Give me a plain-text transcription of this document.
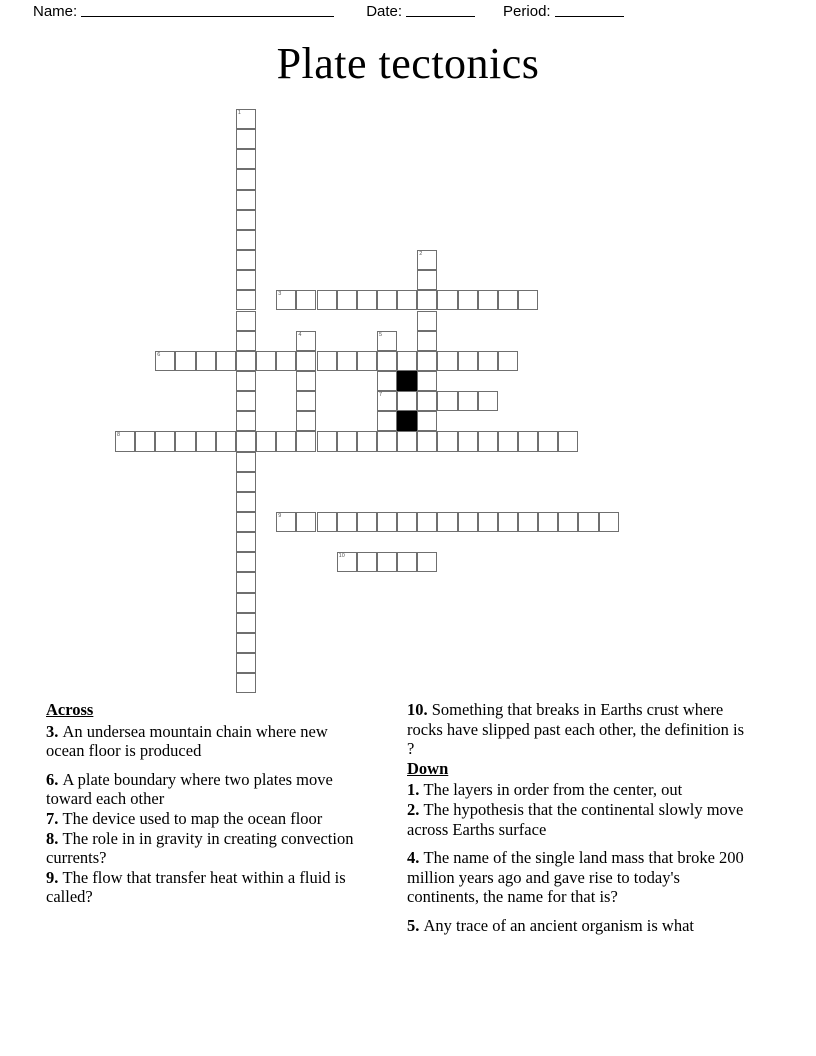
Name:	Date:	Period:
Plate tectonics
1
2
3
4	5
6
7
8
9
10
Across

3. An undersea mountain chain where new ocean floor is produced

6. A plate boundary where two plates move toward each other

7. The device used to map the ocean floor

8. The role in in gravity in creating convection currents?

9. The flow that transfer heat within a fluid is called?

10. Something that breaks in Earths crust where rocks have slipped past each other, the definition is ?

Down

1. The layers in order from the center, out

2. The hypothesis that the continental slowly move across Earths surface

4. The name of the single land mass that broke 200 million years ago and gave rise to today's continents, the name for that is?

5. Any trace of an ancient organism is what
